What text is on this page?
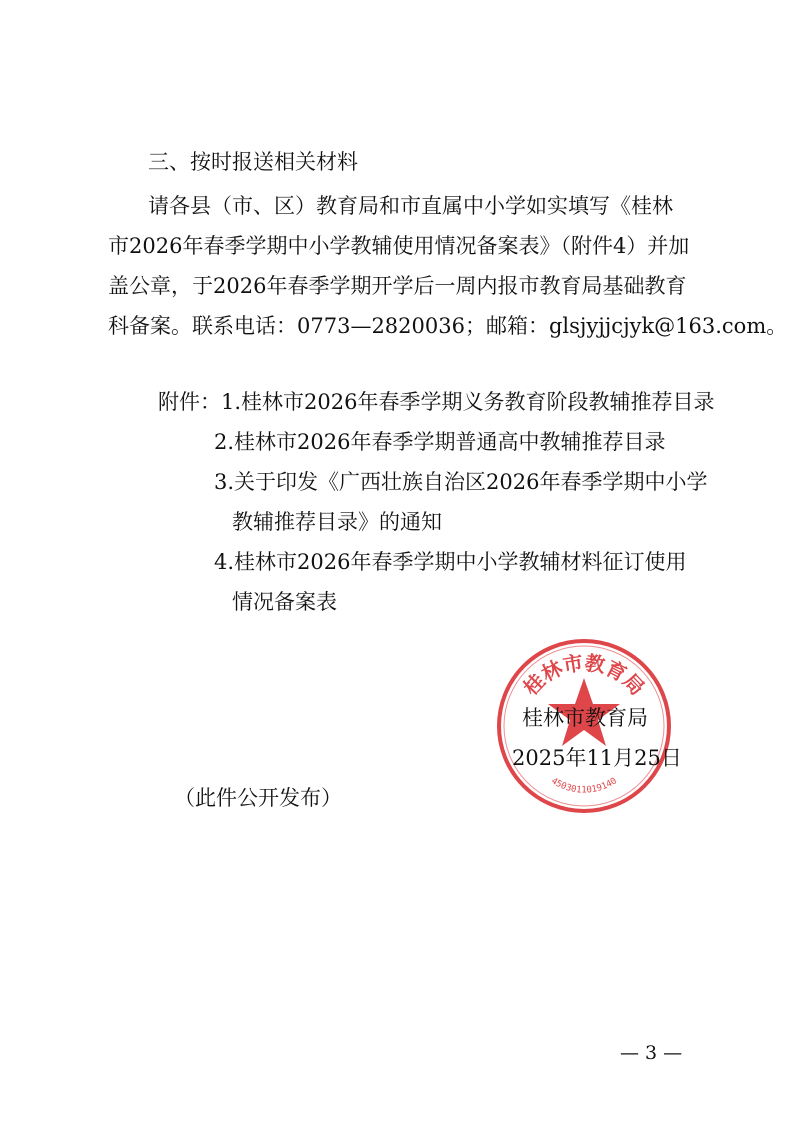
三、按时报送相关材料
请各县（市、区）教育局和市直属中小学如实填写《桂林
市2026年春季学期中小学教辅使用情况备案表》（附件4）并加
盖公章，于2026年春季学期开学后一周内报市教育局基础教育
科备案。联系电话：0773—2820036；邮箱：glsjyjjcjyk@163.com。
附件：1.桂林市2026年春季学期义务教育阶段教辅推荐目录
2.桂林市2026年春季学期普通高中教辅推荐目录
3.关于印发《广西壮族自治区2026年春季学期中小学
教辅推荐目录》的通知
4.桂林市2026年春季学期中小学教辅材料征订使用
情况备案表
桂林市教育局
4503011019140
桂林市教育局
2025年11月25日
（此件公开发布）
— 3 —
